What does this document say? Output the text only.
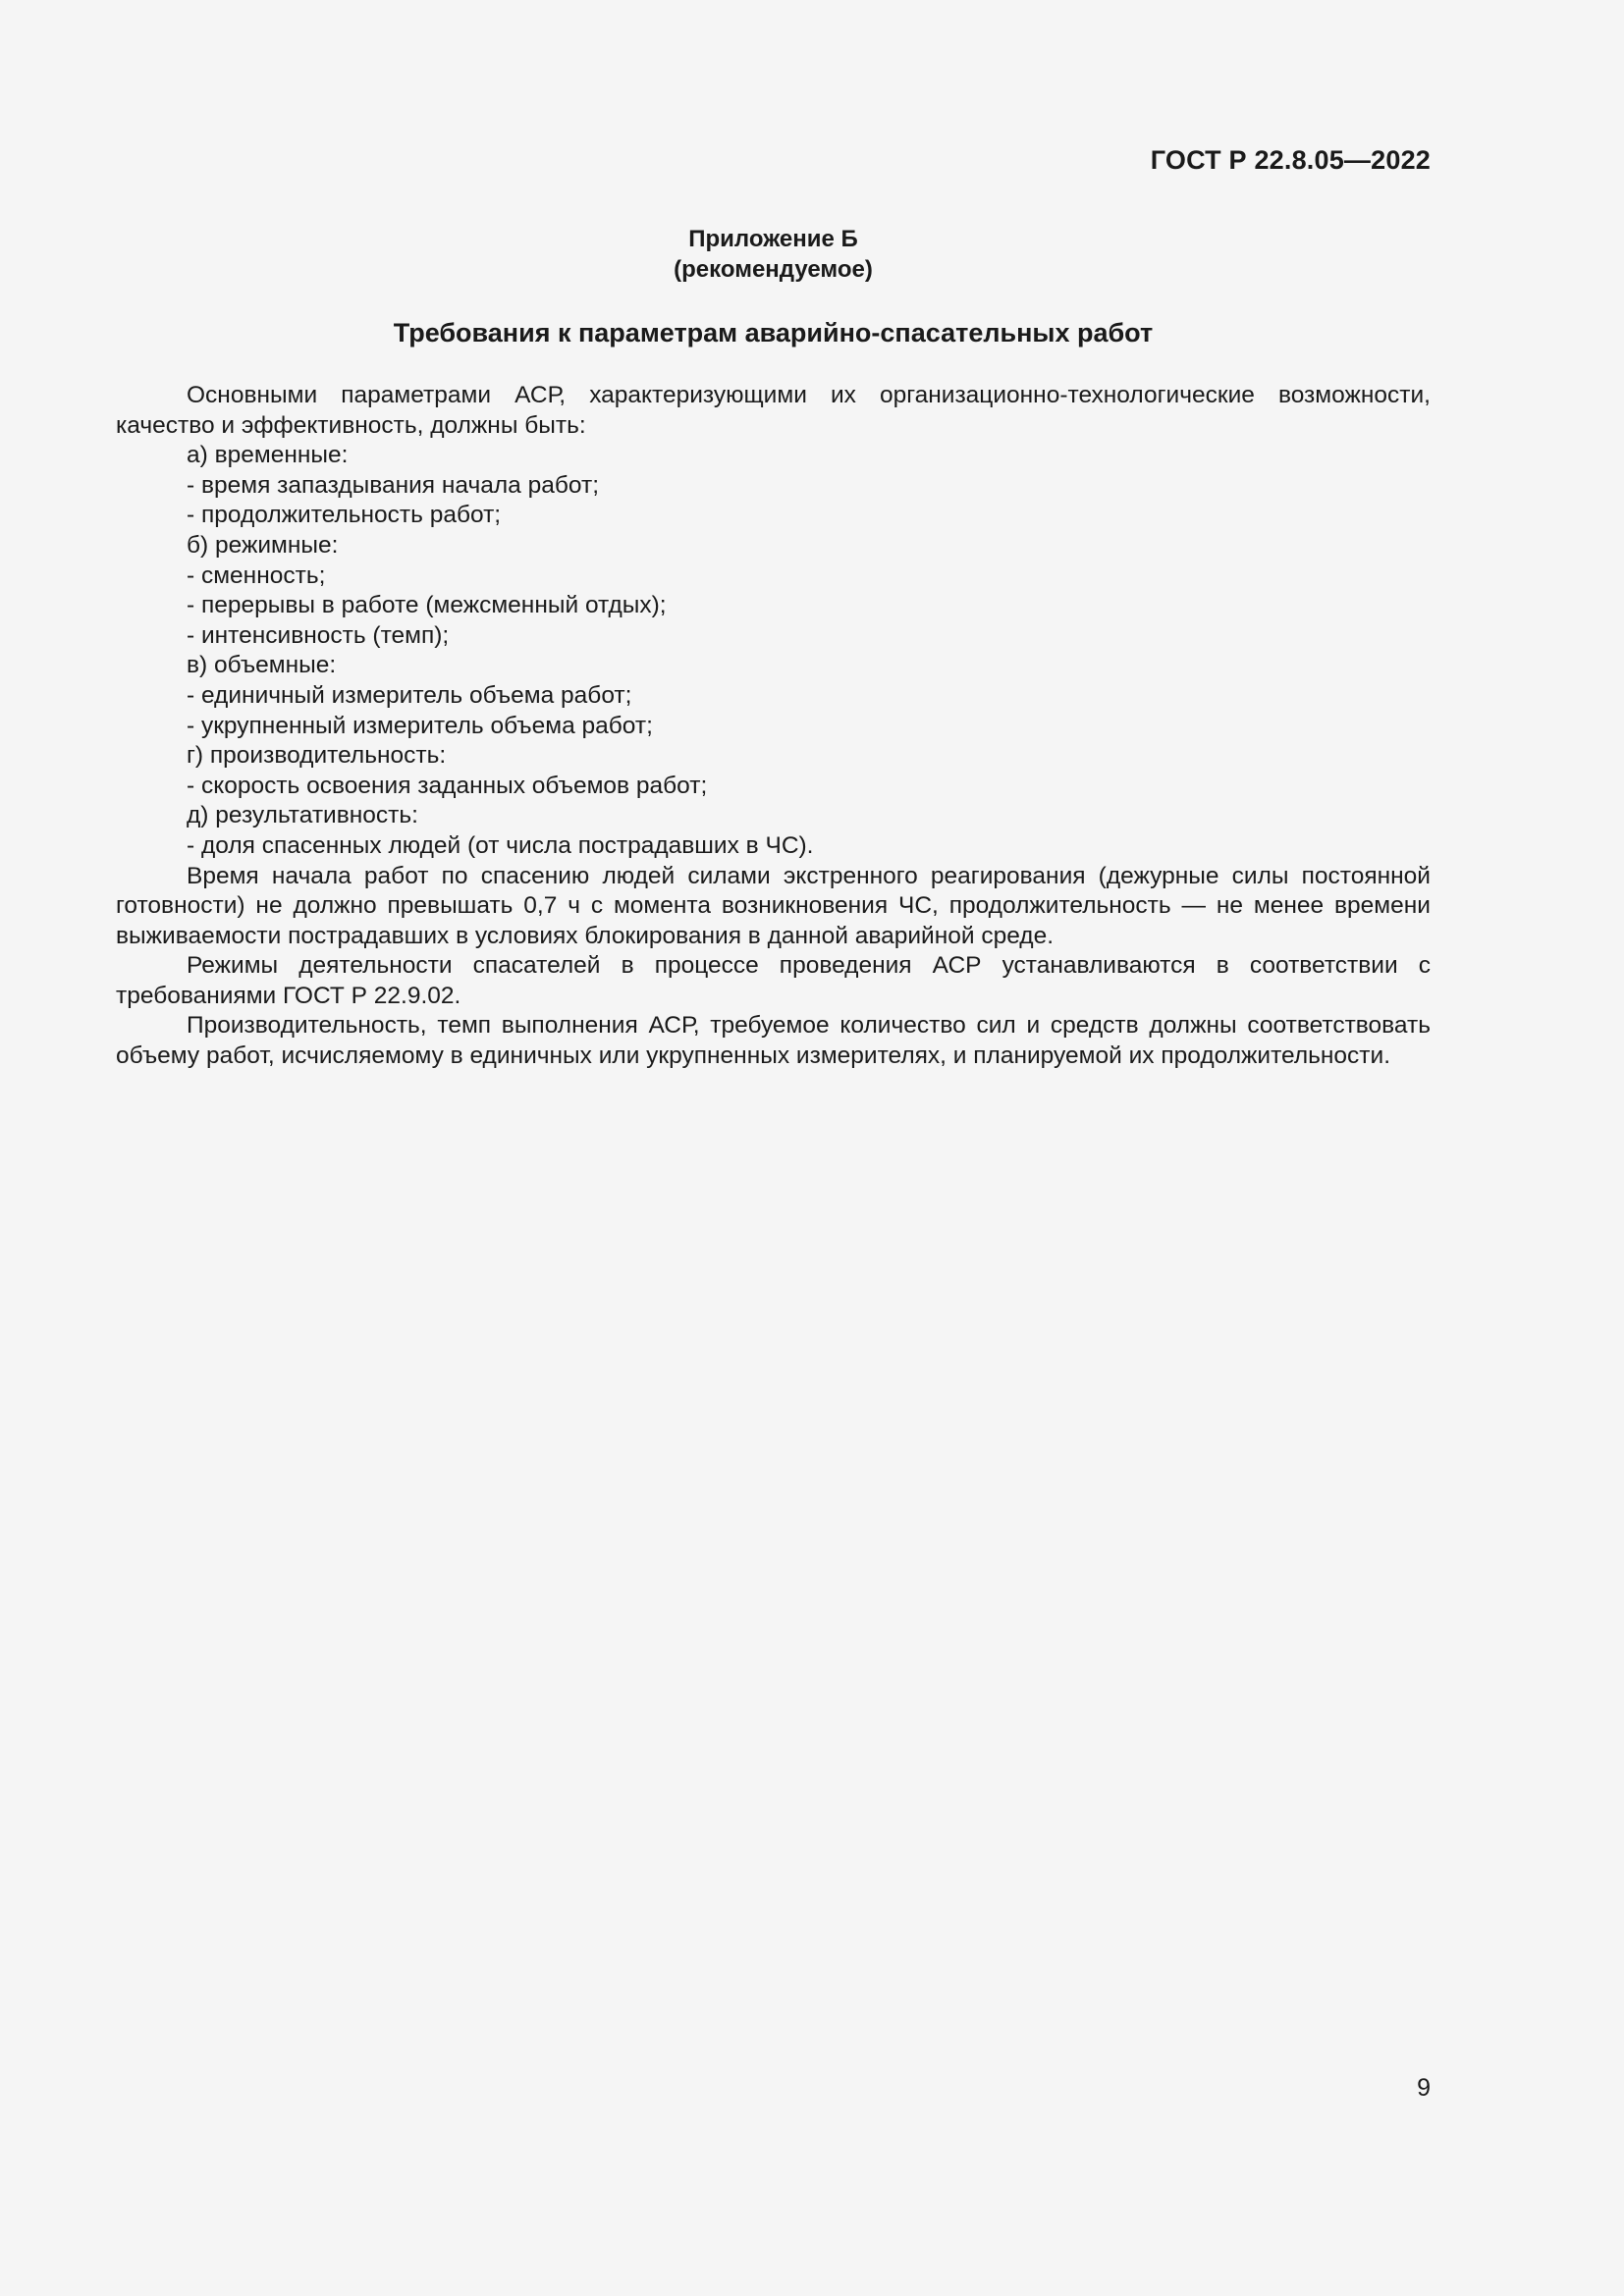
ГОСТ Р 22.8.05—2022
Приложение Б
(рекомендуемое)
Требования к параметрам аварийно-спасательных работ

Основными параметрами АСР, характеризующими их организационно-технологические возможности, качество и эффективность, должны быть:

а) временные:

- время запаздывания начала работ;

- продолжительность работ;

б) режимные:

- сменность;

- перерывы в работе (межсменный отдых);

- интенсивность (темп);

в) объемные:

- единичный измеритель объема работ;

- укрупненный измеритель объема работ;

г) производительность:

- скорость освоения заданных объемов работ;

д) результативность:

- доля спасенных людей (от числа пострадавших в ЧС).

Время начала работ по спасению людей силами экстренного реагирования (дежурные силы постоянной готовности) не должно превышать 0,7 ч с момента возникновения ЧС, продолжительность — не менее времени выживаемости пострадавших в условиях блокирования в данной аварийной среде.

Режимы деятельности спасателей в процессе проведения АСР устанавливаются в соответствии с требованиями ГОСТ Р 22.9.02.

Производительность, темп выполнения АСР, требуемое количество сил и средств должны соответствовать объему работ, исчисляемому в единичных или укрупненных измерителях, и планируемой их продолжительности.

9
